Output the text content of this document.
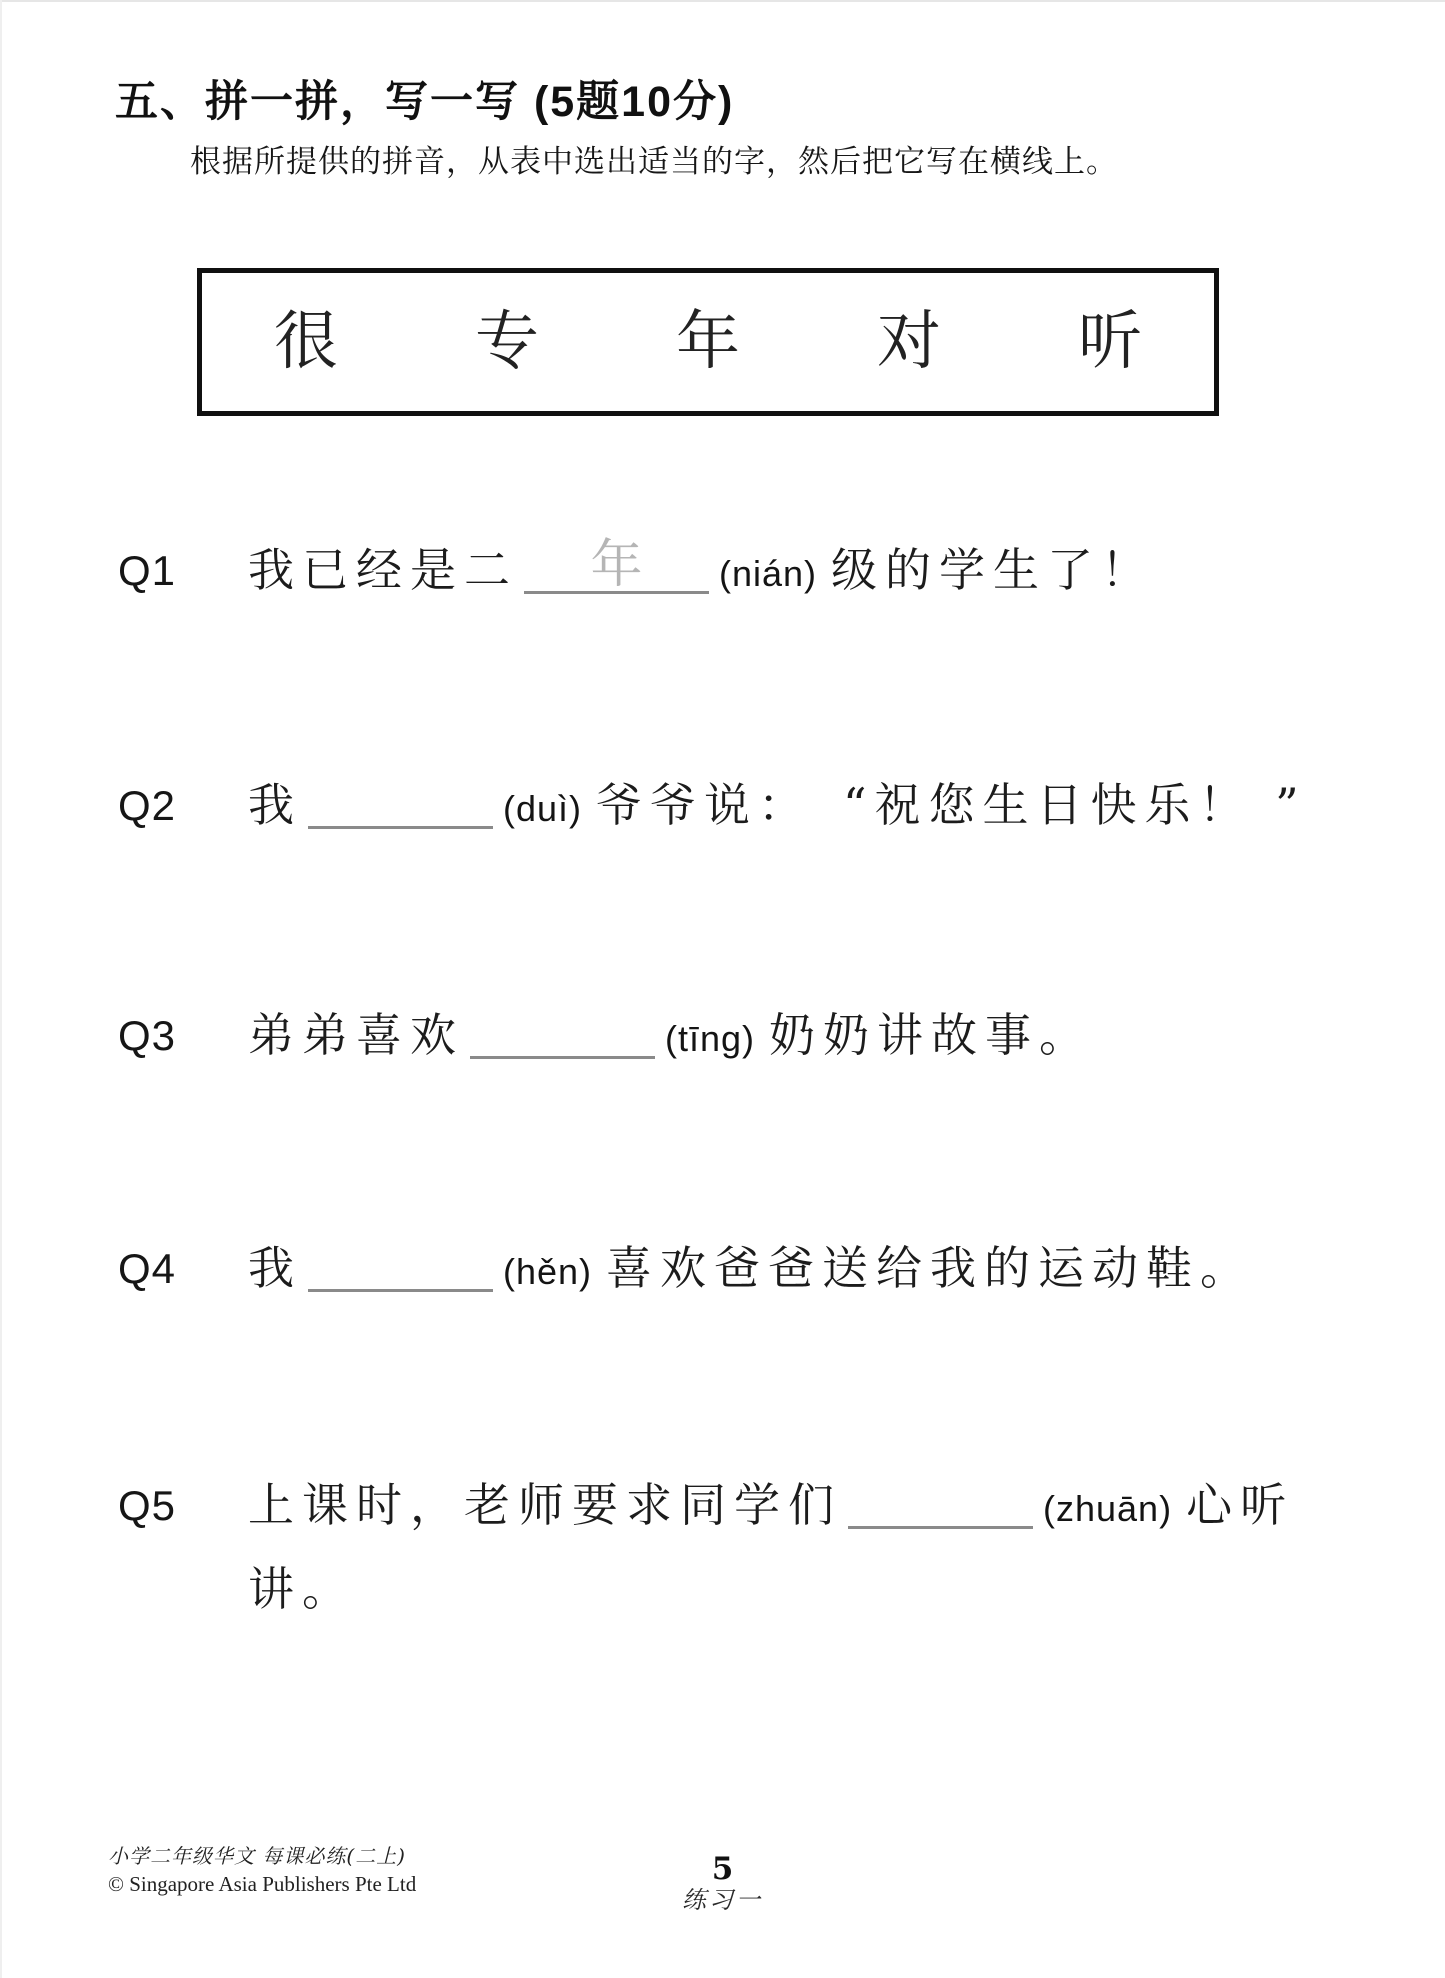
五、拼一拼，写一写 (5题10分)

根据所提供的拼音，从表中选出适当的字，然后把它写在横线上。

很 专 年 对 听
Q1	我已经是二	年	(nián) 级的学生了！
Q2	我	(duì) 爷爷说：　“祝您生日快乐！ ”
Q3	弟弟喜欢	(tīng) 奶奶讲故事。
Q4	我	(hěn) 喜欢爸爸送给我的运动鞋。
Q5	上课时，老师要求同学们	(zhuān) 心听讲。
小学二年级华文 每课必练(二上)
© Singapore Asia Publishers Pte Ltd	5
练习一
